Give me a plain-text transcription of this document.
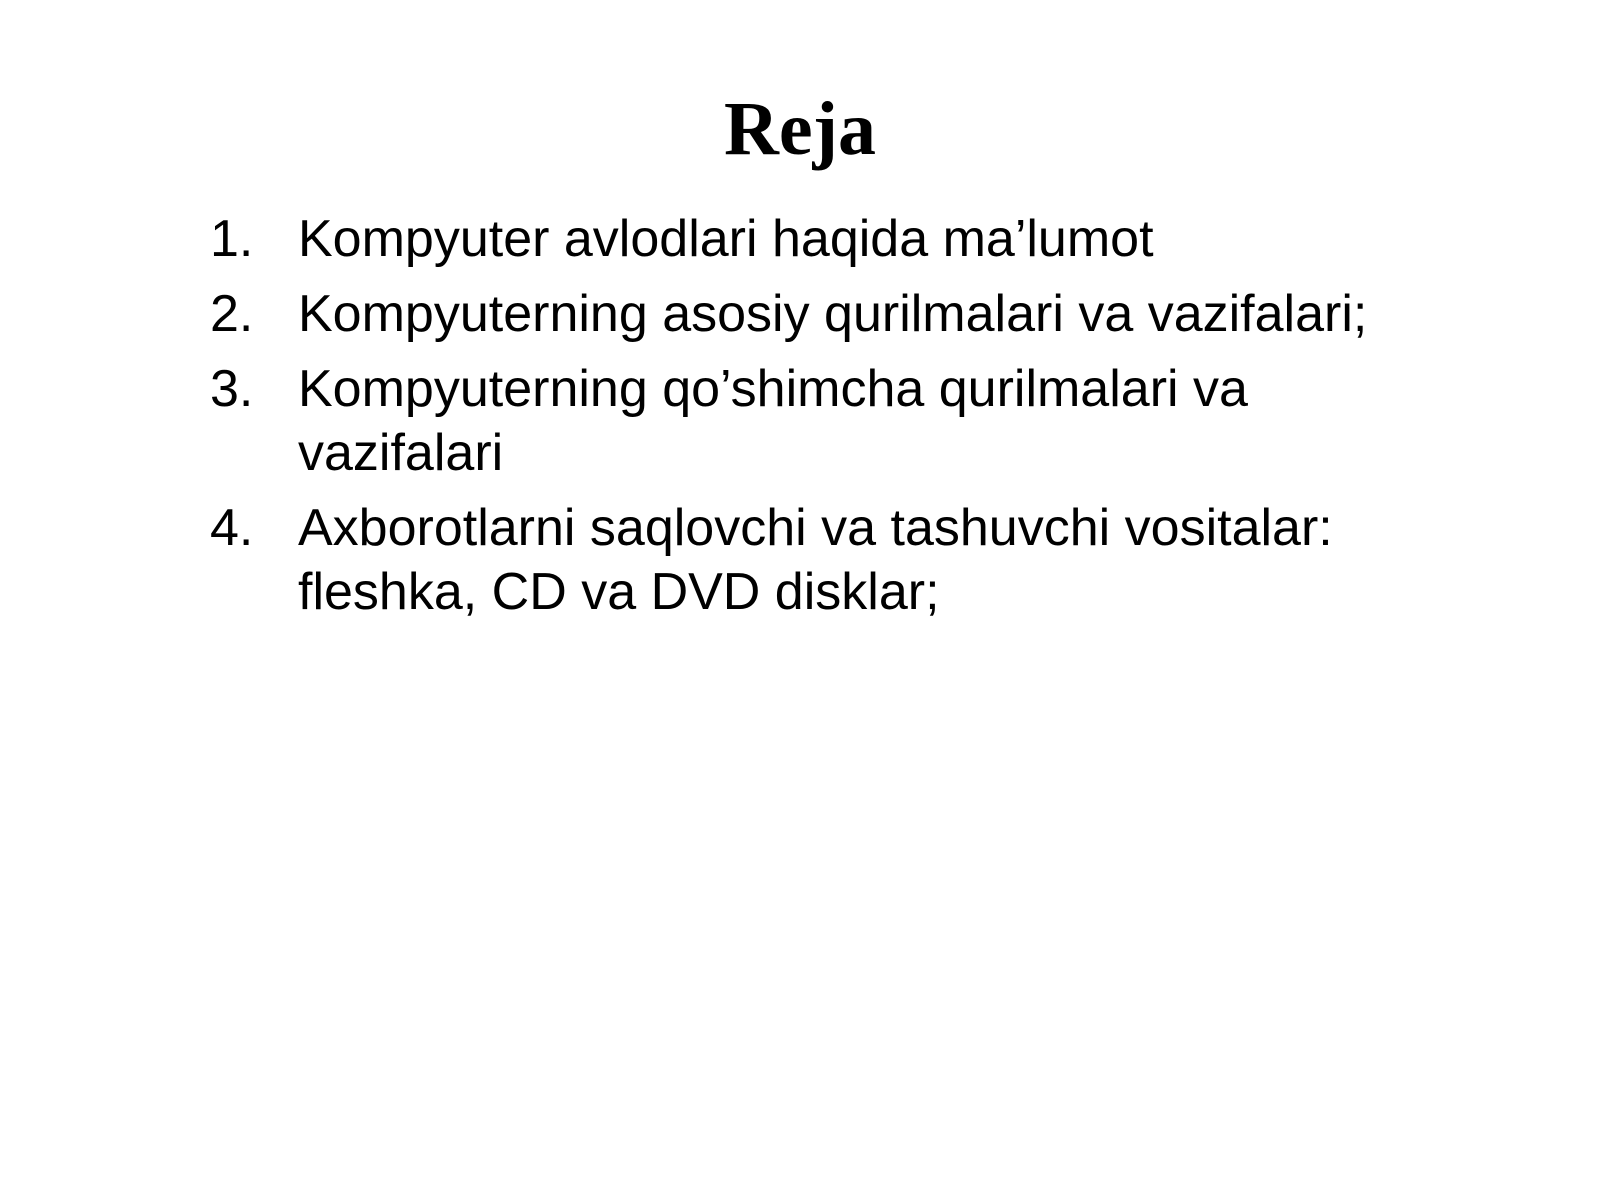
Reja
1. Kompyuter avlodlari haqida ma’lumot
2. Kompyuterning asosiy qurilmalari va vazifalari;
3. Kompyuterning qo’shimcha qurilmalari va vazifalari
4. Axborotlarni saqlovchi va tashuvchi vositalar: fleshka, CD va DVD disklar;
